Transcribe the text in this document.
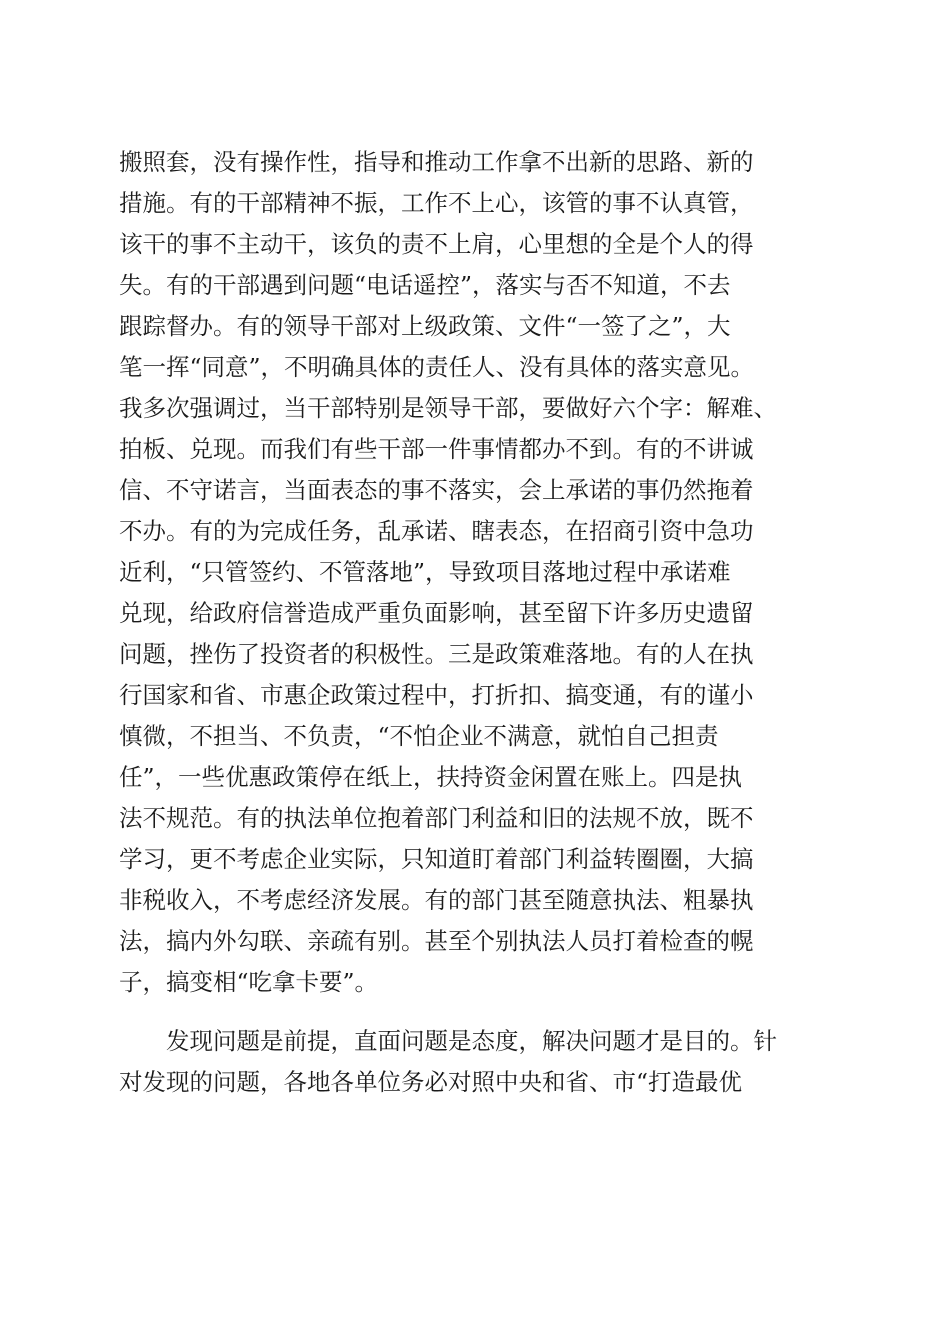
搬照套，没有操作性，指导和推动工作拿不出新的思路、新的
措施。有的干部精神不振，工作不上心，该管的事不认真管，
该干的事不主动干，该负的责不上肩，心里想的全是个人的得
失。有的干部遇到问题“电话遥控”，落实与否不知道，不去
跟踪督办。有的领导干部对上级政策、文件“一签了之”，大
笔一挥“同意”，不明确具体的责任人、没有具体的落实意见。
我多次强调过，当干部特别是领导干部，要做好六个字：解难、
拍板、兑现。而我们有些干部一件事情都办不到。有的不讲诚
信、不守诺言，当面表态的事不落实，会上承诺的事仍然拖着
不办。有的为完成任务，乱承诺、瞎表态，在招商引资中急功
近利，“只管签约、不管落地”，导致项目落地过程中承诺难
兑现，给政府信誉造成严重负面影响，甚至留下许多历史遗留
问题，挫伤了投资者的积极性。三是政策难落地。有的人在执
行国家和省、市惠企政策过程中，打折扣、搞变通，有的谨小
慎微，不担当、不负责，“不怕企业不满意，就怕自己担责
任”，一些优惠政策停在纸上，扶持资金闲置在账上。四是执
法不规范。有的执法单位抱着部门利益和旧的法规不放，既不
学习，更不考虑企业实际，只知道盯着部门利益转圈圈，大搞
非税收入，不考虑经济发展。有的部门甚至随意执法、粗暴执
法，搞内外勾联、亲疏有别。甚至个别执法人员打着检查的幌
子，搞变相“吃拿卡要”。
　　发现问题是前提，直面问题是态度，解决问题才是目的。针
对发现的问题，各地各单位务必对照中央和省、市“打造最优
